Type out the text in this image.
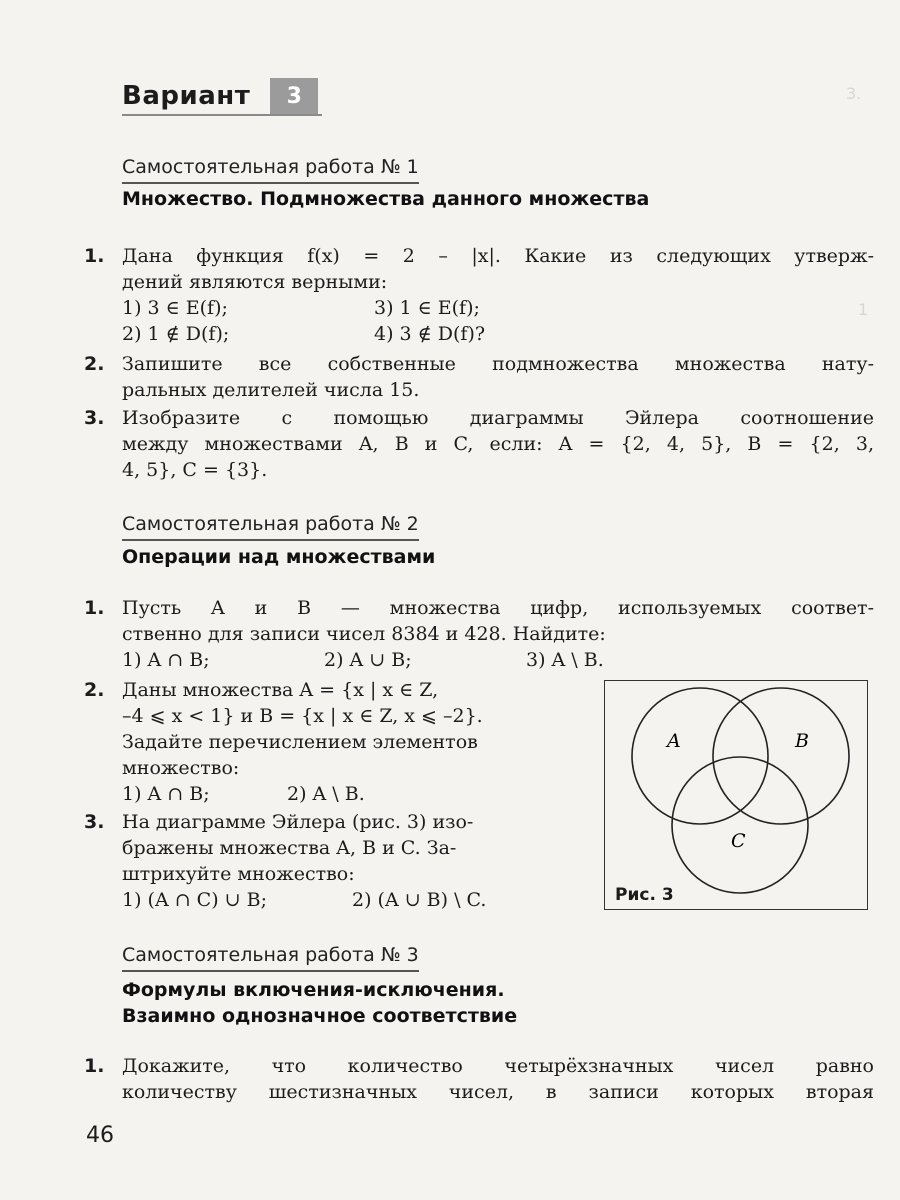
3.
1
Вариант	3
Самостоятельная работа № 1
Множество. Подмножества данного множества
1. Дана функция f(x) = 2 – |x|. Какие из следующих утверж-
дений являются верными:
1) 3 ∈ E(f);	3) 1 ∈ E(f);
2) 1 ∉ D(f);	4) 3 ∉ D(f)?
2. Запишите все собственные подмножества множества нату-
ральных делителей числа 15.
3. Изобразите с помощью диаграммы Эйлера соотношение
между множествами A, B и C, если: A = {2, 4, 5}, B = {2, 3,
4, 5}, C = {3}.
Самостоятельная работа № 2
Операции над множествами
1. Пусть A и B — множества цифр, используемых соответ-
ственно для записи чисел 8384 и 428. Найдите:
1) A ∩ B;	2) A ∪ B;	3) A \ B.
2. Даны множества A = {x | x ∈ Z,
–4 ⩽ x < 1} и B = {x | x ∈ Z, x ⩽ –2}.
Задайте перечислением элементов
множество:
1) A ∩ B;	2) A \ B.
3. На диаграмме Эйлера (рис. 3) изо-
бражены множества A, B и C. За-
штрихуйте множество:
1) (A ∩ C) ∪ B;	2) (A ∪ B) \ C.
A	B
C
Рис. 3
Самостоятельная работа № 3
Формулы включения-исключения.
Взаимно однозначное соответствие
1. Докажите, что количество четырёхзначных чисел равно
количеству шестизначных чисел, в записи которых вторая
46
